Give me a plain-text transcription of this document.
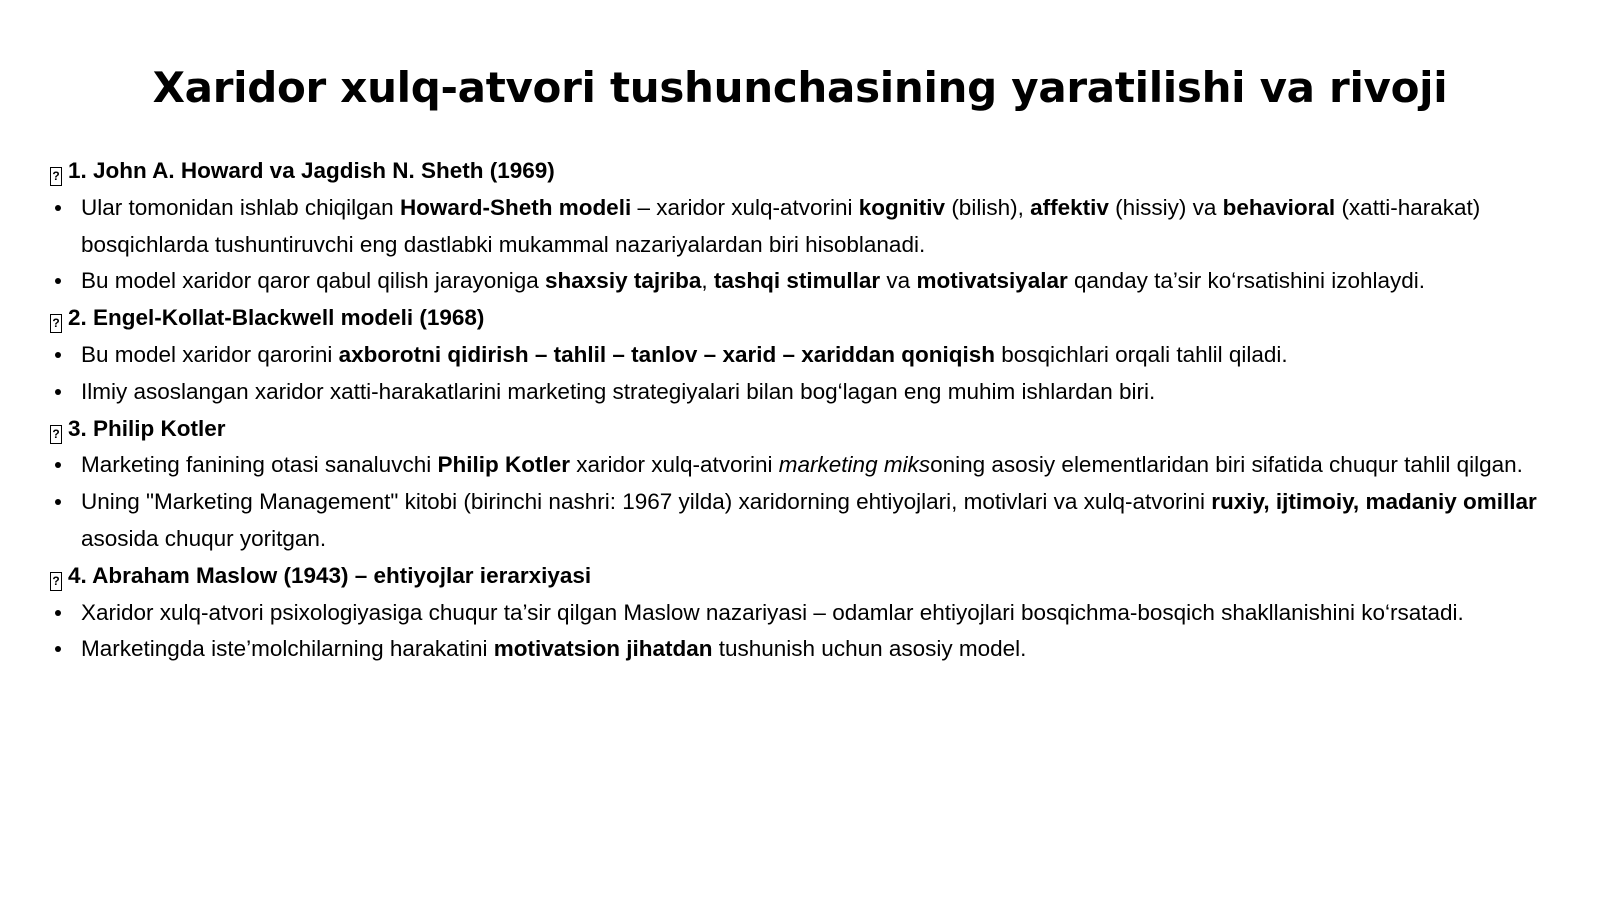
Xaridor xulq-atvori tushunchasining yaratilishi va rivoji
? 1. John A. Howard va Jagdish N. Sheth (1969)
Ular tomonidan ishlab chiqilgan Howard-Sheth modeli – xaridor xulq-atvorini kognitiv (bilish), affektiv (hissiy) va behavioral (xatti-harakat) bosqichlarda tushuntiruvchi eng dastlabki mukammal nazariyalardan biri hisoblanadi.
Bu model xaridor qaror qabul qilish jarayoniga shaxsiy tajriba, tashqi stimullar va motivatsiyalar qanday ta’sir ko‘rsatishini izohlaydi.
? 2. Engel-Kollat-Blackwell modeli (1968)
Bu model xaridor qarorini axborotni qidirish – tahlil – tanlov – xarid – xariddan qoniqish bosqichlari orqali tahlil qiladi.
Ilmiy asoslangan xaridor xatti-harakatlarini marketing strategiyalari bilan bog‘lagan eng muhim ishlardan biri.
? 3. Philip Kotler
Marketing fanining otasi sanaluvchi Philip Kotler xaridor xulq-atvorini marketing miksoning asosiy elementlaridan biri sifatida chuqur tahlil qilgan.
Uning "Marketing Management" kitobi (birinchi nashri: 1967 yilda) xaridorning ehtiyojlari, motivlari va xulq-atvorini ruxiy, ijtimoiy, madaniy omillar asosida chuqur yoritgan.
? 4. Abraham Maslow (1943) – ehtiyojlar ierarxiyasi
Xaridor xulq-atvori psixologiyasiga chuqur ta’sir qilgan Maslow nazariyasi – odamlar ehtiyojlari bosqichma-bosqich shakllanishini ko‘rsatadi.
Marketingda iste’molchilarning harakatini motivatsion jihatdan tushunish uchun asosiy model.
